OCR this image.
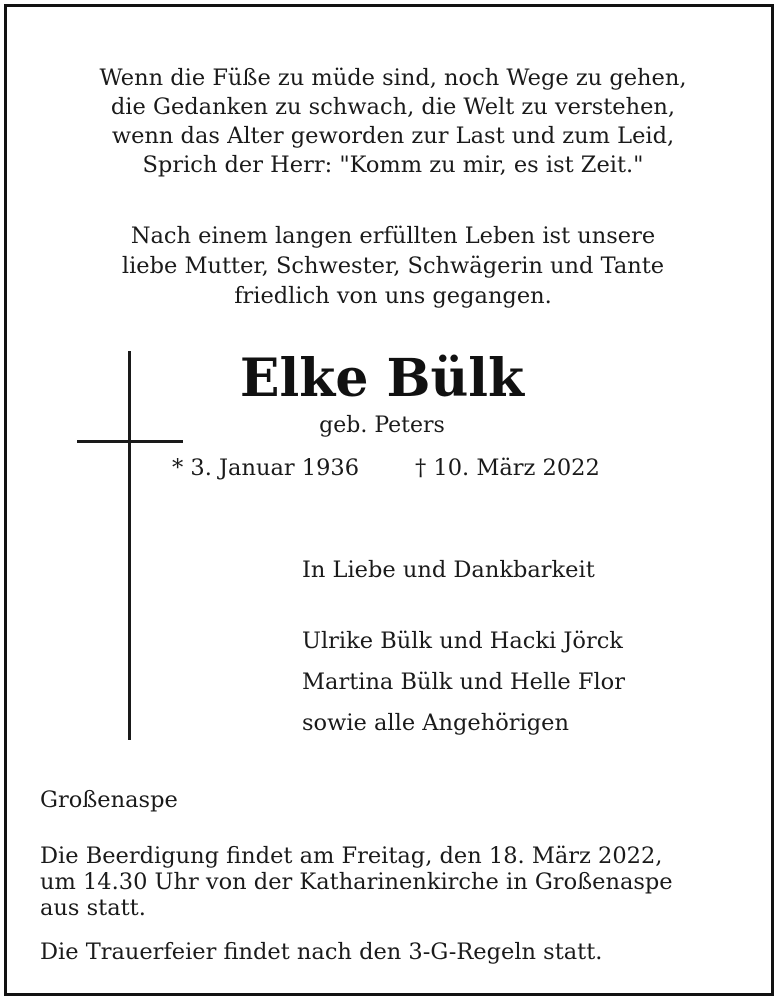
Wenn die Füße zu müde sind, noch Wege zu gehen,
die Gedanken zu schwach, die Welt zu verstehen,
wenn das Alter geworden zur Last und zum Leid,
Sprich der Herr: "Komm zu mir, es ist Zeit."
Nach einem langen erfüllten Leben ist unsere
liebe Mutter, Schwester, Schwägerin und Tante
friedlich von uns gegangen.
Elke Bülk
geb. Peters
* 3. Januar 1936 † 10. März 2022
In Liebe und Dankbarkeit
Ulrike Bülk und Hacki Jörck
Martina Bülk und Helle Flor
sowie alle Angehörigen
Großenaspe
Die Beerdigung findet am Freitag, den 18. März 2022,
um 14.30 Uhr von der Katharinenkirche in Großenaspe
aus statt.
Die Trauerfeier findet nach den 3-G-Regeln statt.
